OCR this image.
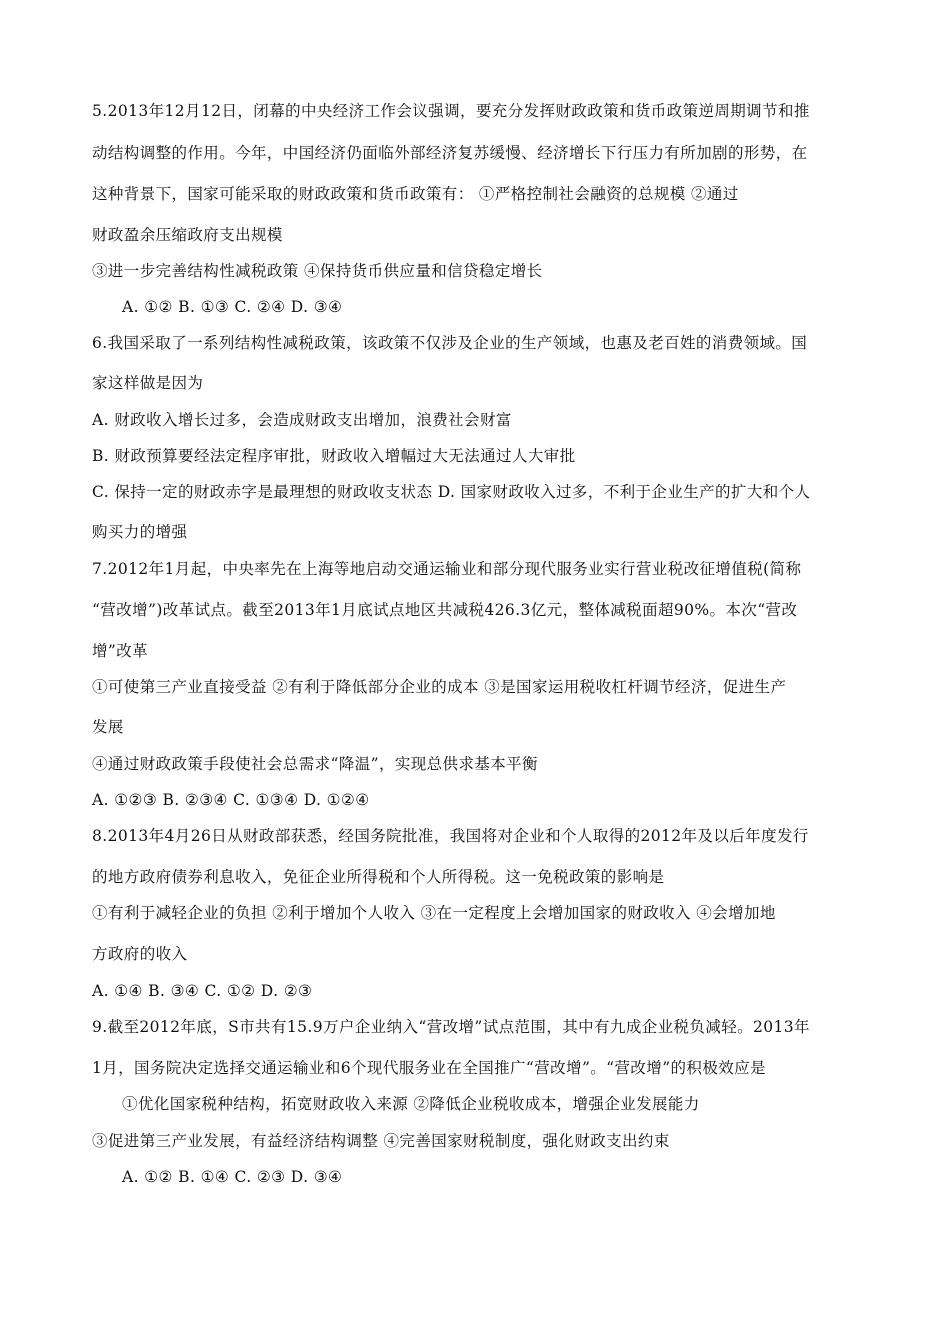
5.2013年12月12日，闭幕的中央经济工作会议强调，要充分发挥财政政策和货币政策逆周期调节和推
动结构调整的作用。今年，中国经济仍面临外部经济复苏缓慢、经济增长下行压力有所加剧的形势，在
这种背景下，国家可能采取的财政政策和货币政策有： ①严格控制社会融资的总规模 ②通过
财政盈余压缩政府支出规模
③进一步完善结构性减税政策 ④保持货币供应量和信贷稳定增长
A. ①② B. ①③ C. ②④ D. ③④
6.我国采取了一系列结构性减税政策，该政策不仅涉及企业的生产领域，也惠及老百姓的消费领域。国
家这样做是因为
A. 财政收入增长过多，会造成财政支出增加，浪费社会财富
B. 财政预算要经法定程序审批，财政收入增幅过大无法通过人大审批
C. 保持一定的财政赤字是最理想的财政收支状态 D. 国家财政收入过多，不利于企业生产的扩大和个人
购买力的增强
7.2012年1月起，中央率先在上海等地启动交通运输业和部分现代服务业实行营业税改征增值税(简称
“营改增”)改革试点。截至2013年1月底试点地区共减税426.3亿元，整体减税面超90%。本次“营改
增”改革
①可使第三产业直接受益 ②有利于降低部分企业的成本 ③是国家运用税收杠杆调节经济，促进生产
发展
④通过财政政策手段使社会总需求“降温”，实现总供求基本平衡
A. ①②③ B. ②③④ C. ①③④ D. ①②④
8.2013年4月26日从财政部获悉，经国务院批准，我国将对企业和个人取得的2012年及以后年度发行
的地方政府债券利息收入，免征企业所得税和个人所得税。这一免税政策的影响是
①有利于减轻企业的负担 ②利于增加个人收入 ③在一定程度上会增加国家的财政收入 ④会增加地
方政府的收入
A. ①④ B. ③④ C. ①② D. ②③
9.截至2012年底，S市共有15.9万户企业纳入“营改增”试点范围，其中有九成企业税负减轻。2013年
1月，国务院决定选择交通运输业和6个现代服务业在全国推广“营改增”。“营改增”的积极效应是
①优化国家税种结构，拓宽财政收入来源 ②降低企业税收成本，增强企业发展能力
③促进第三产业发展，有益经济结构调整 ④完善国家财税制度，强化财政支出约束
A. ①② B. ①④ C. ②③ D. ③④
